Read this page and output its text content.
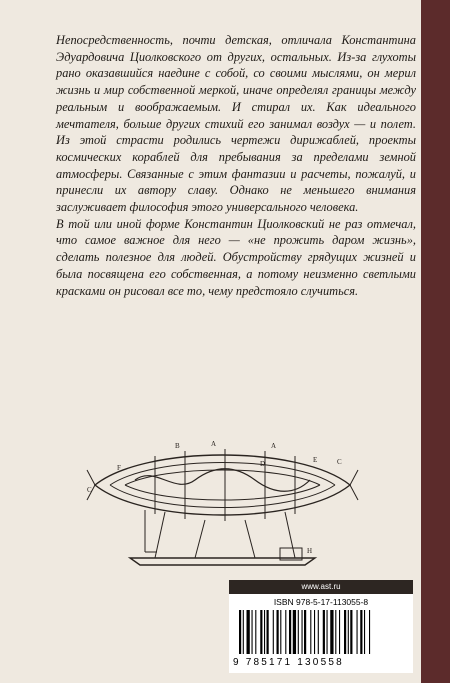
Непосредственность, почти детская, отличала Константина Эдуардовича Циолковского от других, остальных. Из-за глухоты рано оказавшийся наедине с собой, со своими мыслями, он мерил жизнь и мир собственной меркой, иначе определял границы между реальным и воображаемым. И стирал их. Как идеального мечтателя, больше других стихий его занимал воздух — и полет. Из этой страсти родились чертежи дирижаблей, проекты космических кораблей для пребывания за пределами земной атмосферы. Связанные с этим фантазии и расчеты, пожалуй, и принесли их автору славу. Однако не меньшего внимания заслуживает философия этого универсального человека.

В той или иной форме Константин Циолковский не раз отмечал, что самое важное для него — «не прожить даром жизнь», сделать полезное для людей. Обустройству грядущих жизней и была посвящена его собственная, а потому неизменно светлыми красками он рисовал все то, чему предстояло случиться.

A	A
B
C
C
E
F	D
H
www.ast.ru
ISBN 978-5-17-113055-8
9 785171 130558
